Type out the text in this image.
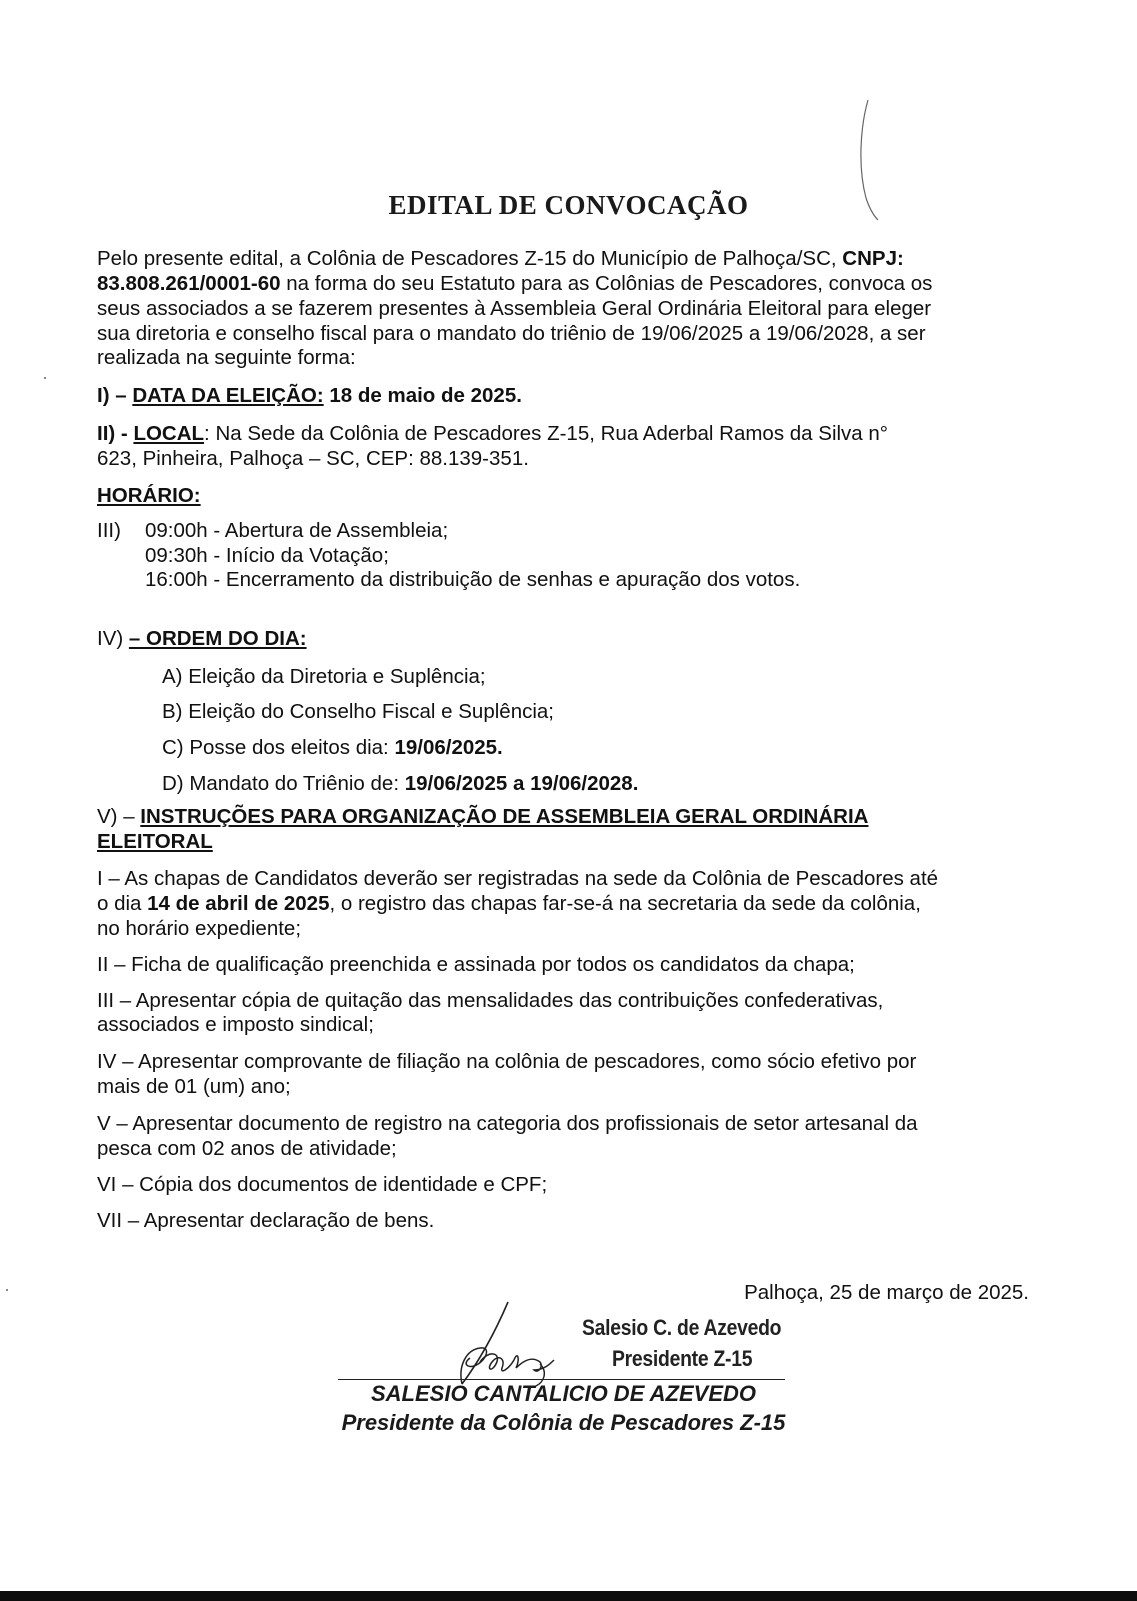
EDITAL DE CONVOCAÇÃO
Pelo presente edital, a Colônia de Pescadores Z-15 do Município de Palhoça/SC, CNPJ:
83.808.261/0001-60 na forma do seu Estatuto para as Colônias de Pescadores, convoca os
seus associados a se fazerem presentes à Assembleia Geral Ordinária Eleitoral para eleger
sua diretoria e conselho fiscal para o mandato do triênio de 19/06/2025 a 19/06/2028, a ser
realizada na seguinte forma:
I) – DATA DA ELEIÇÃO: 18 de maio de 2025.
II) - LOCAL: Na Sede da Colônia de Pescadores Z-15, Rua Aderbal Ramos da Silva n°
623, Pinheira, Palhoça – SC, CEP: 88.139-351.
HORÁRIO:
III) 09:00h - Abertura de Assembleia;
09:30h - Início da Votação;
16:00h - Encerramento da distribuição de senhas e apuração dos votos.
IV) – ORDEM DO DIA:
A) Eleição da Diretoria e Suplência;
B) Eleição do Conselho Fiscal e Suplência;
C) Posse dos eleitos dia: 19/06/2025.
D) Mandato do Triênio de: 19/06/2025 a 19/06/2028.
V) – INSTRUÇÕES PARA ORGANIZAÇÃO DE ASSEMBLEIA GERAL ORDINÁRIA
ELEITORAL
I – As chapas de Candidatos deverão ser registradas na sede da Colônia de Pescadores até
o dia 14 de abril de 2025, o registro das chapas far-se-á na secretaria da sede da colônia,
no horário expediente;
II – Ficha de qualificação preenchida e assinada por todos os candidatos da chapa;
III – Apresentar cópia de quitação das mensalidades das contribuições confederativas,
associados e imposto sindical;
IV – Apresentar comprovante de filiação na colônia de pescadores, como sócio efetivo por
mais de 01 (um) ano;
V – Apresentar documento de registro na categoria dos profissionais de setor artesanal da
pesca com 02 anos de atividade;
VI – Cópia dos documentos de identidade e CPF;
VII – Apresentar declaração de bens.
Palhoça, 25 de março de 2025.
Salesio C. de Azevedo
Presidente Z-15
SALESIO CANTALICIO DE AZEVEDO
Presidente da Colônia de Pescadores Z-15
